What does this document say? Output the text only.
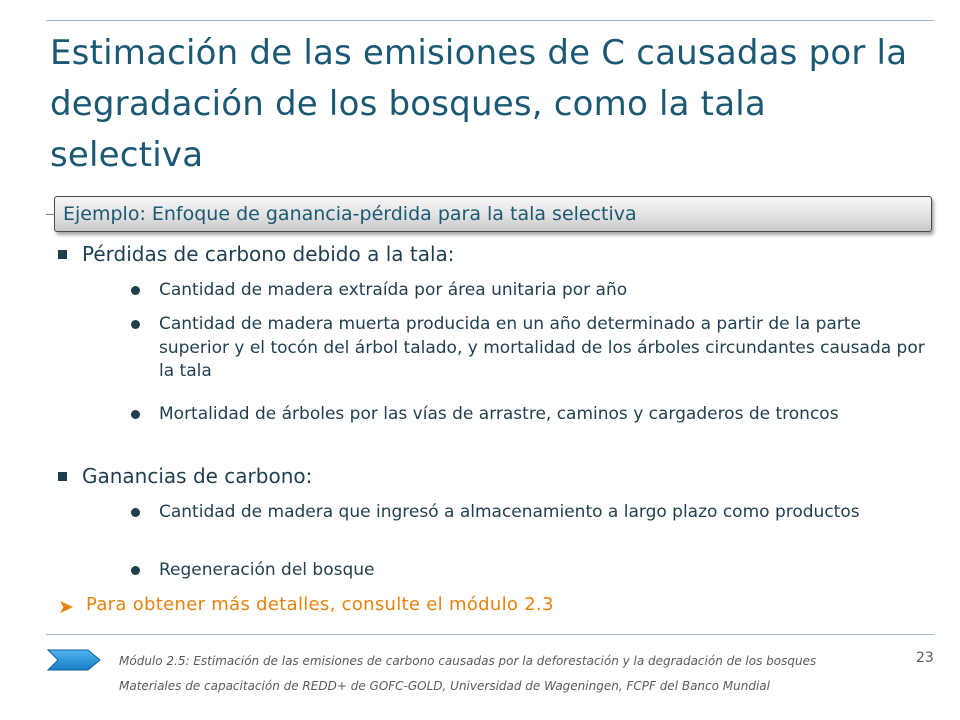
Estimación de las emisiones de C causadas por la degradación de los bosques, como la tala selectiva
Ejemplo: Enfoque de ganancia-pérdida para la tala selectiva
Pérdidas de carbono debido a la tala:
Cantidad de madera extraída por área unitaria por año
Cantidad de madera muerta producida en un año determinado a partir de la parte superior y el tocón del árbol talado, y mortalidad de los árboles circundantes causada por la tala
Mortalidad de árboles por las vías de arrastre, caminos y cargaderos de troncos
Ganancias de carbono:
Cantidad de madera que ingresó a almacenamiento a largo plazo como productos
Regeneración del bosque
➤ Para obtener más detalles, consulte el módulo 2.3
Módulo 2.5: Estimación de las emisiones de carbono causadas por la deforestación y la degradación de los bosques	23
Materiales de capacitación de REDD+ de GOFC-GOLD, Universidad de Wageningen, FCPF del Banco Mundial
